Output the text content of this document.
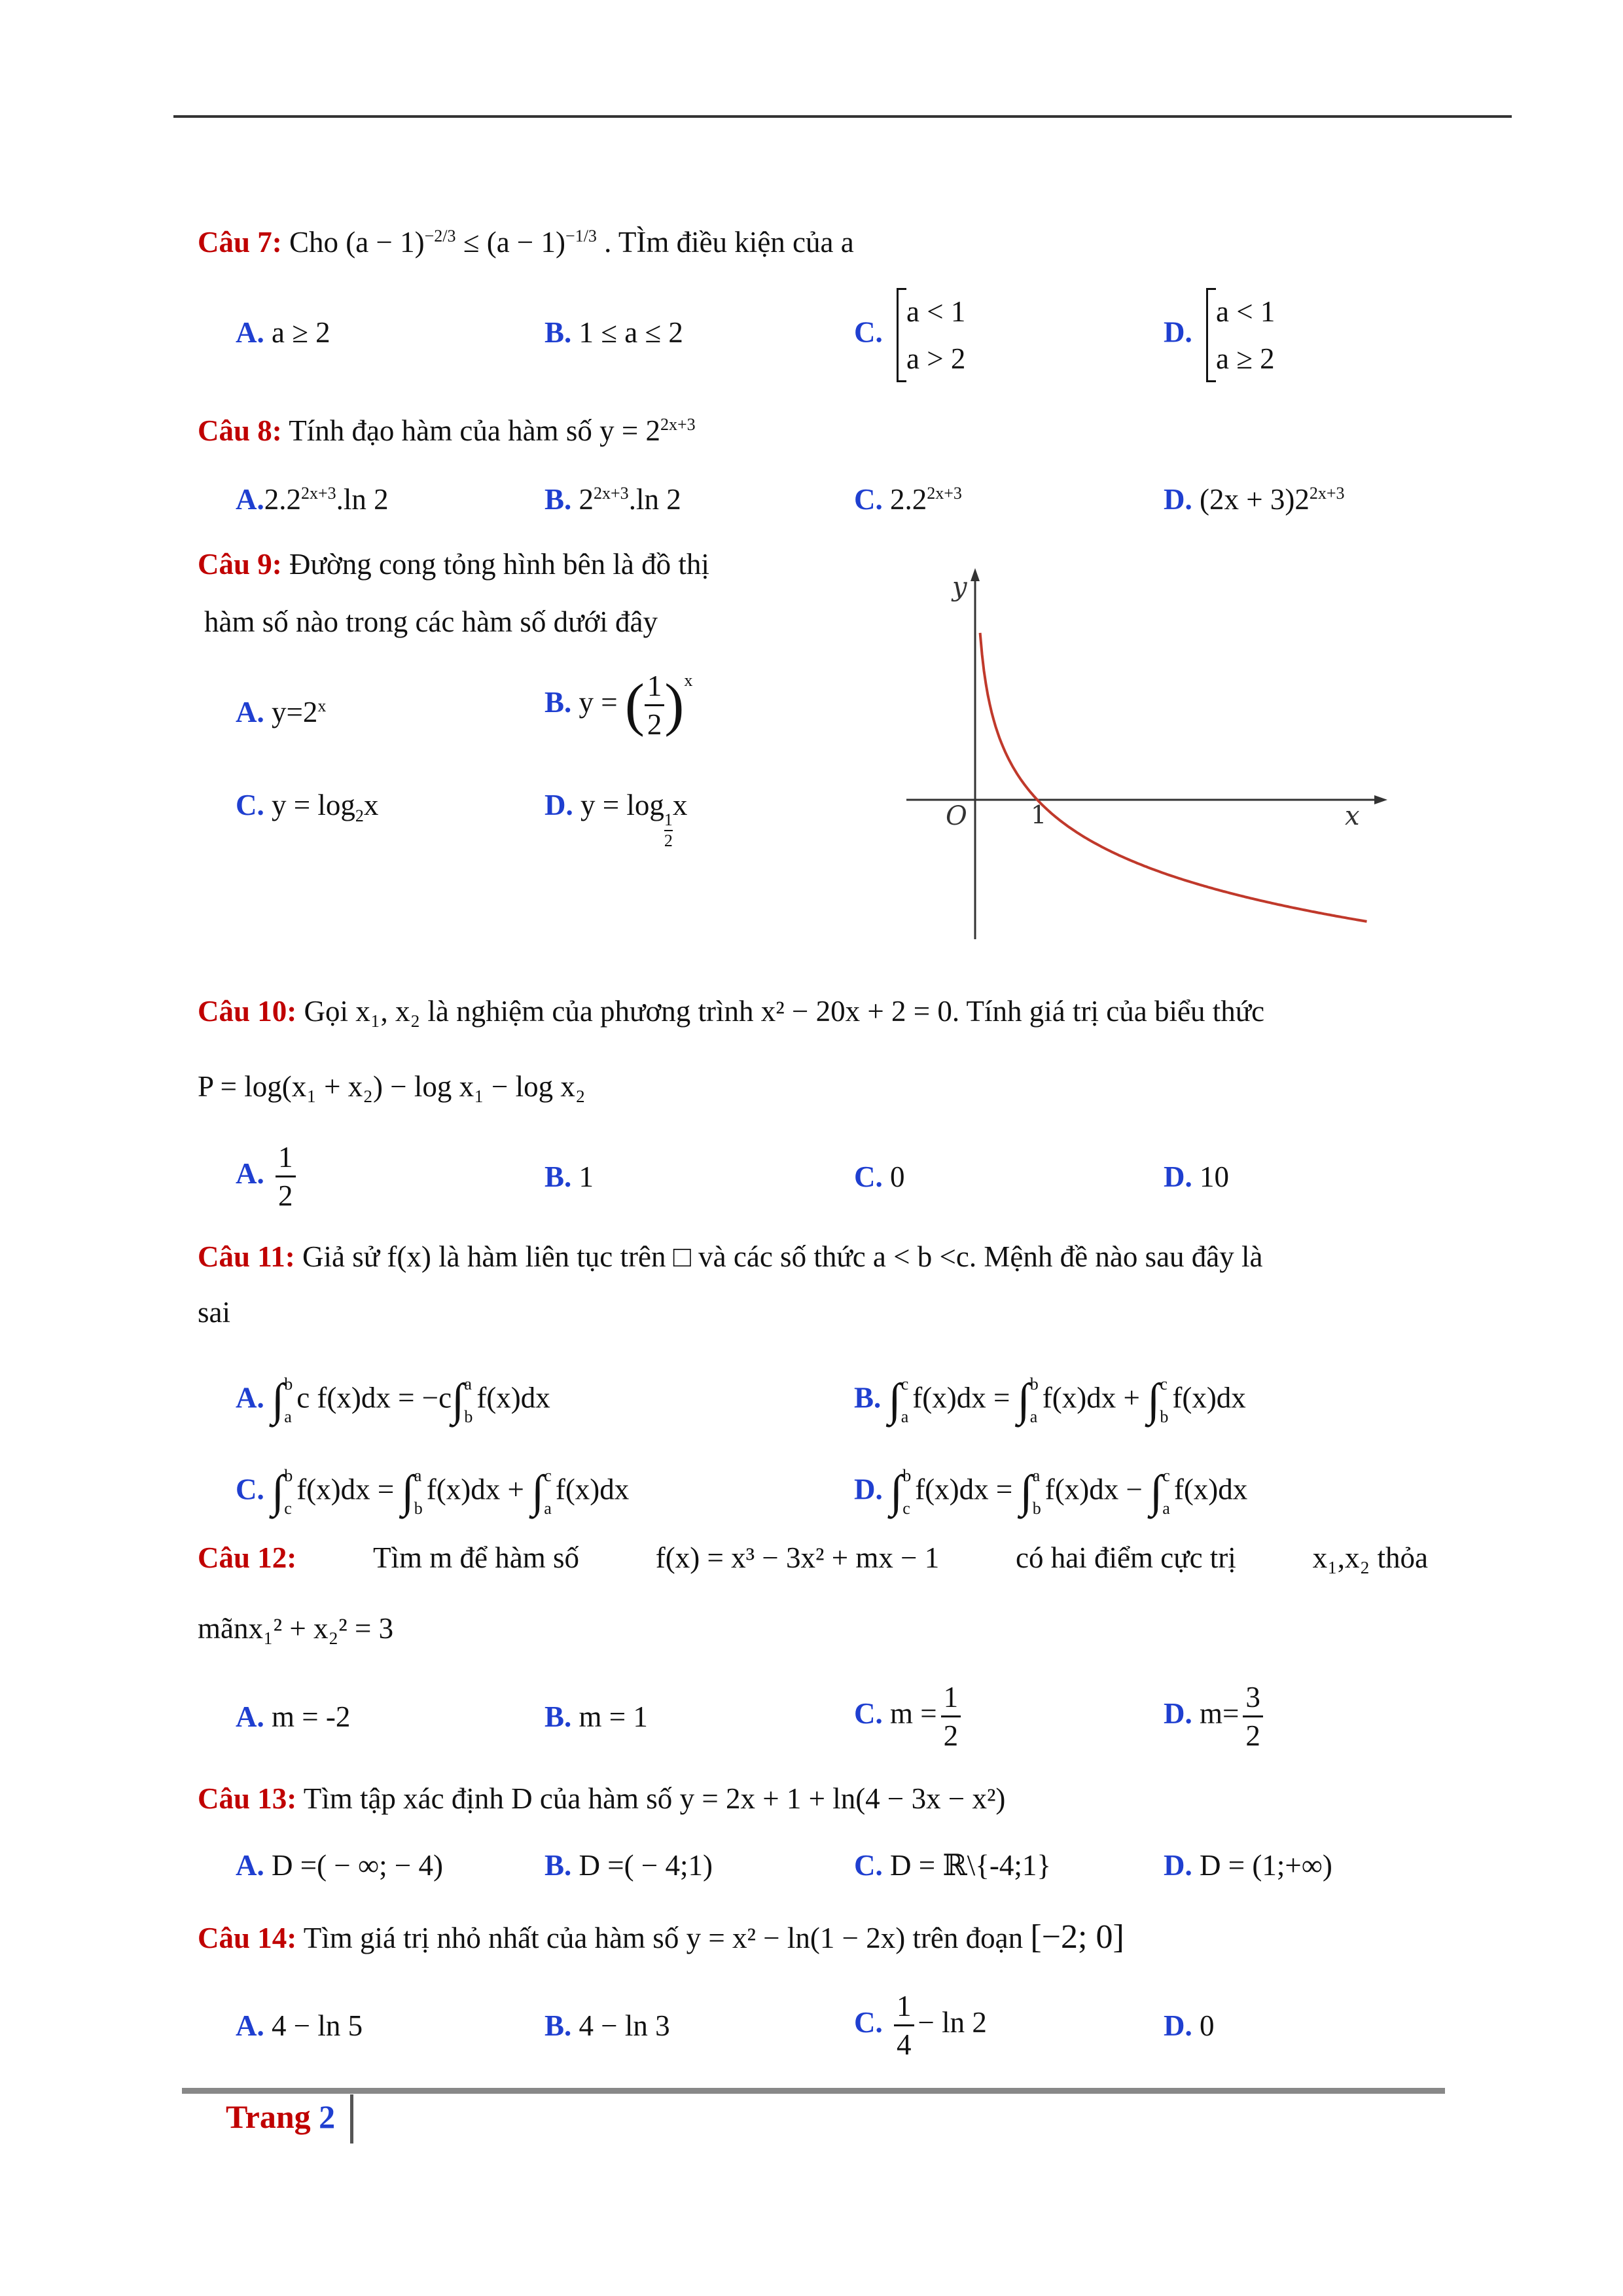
Câu 7: Cho $(a - 1)^{-2/3} \le (a - 1)^{-1/3}$ . TÌm điều kiện của a
A. a ≥ 2	B. 1 ≤ a ≤ 2	C.
a < 1
a > 2
D.
a < 1
a ≥ 2
Câu 8: Tính đạo hàm của hàm số $y = 2^{2x+3}$
$A.2.2^{2x+3}.\ln$ 2	B. $2^{2x+3}.\ln$ 2	C. $2.2^{2x+3}$	D. $(2x + 3)2^{2x+3}$
Câu 9: Đường cong tỏng hình bên là đồ thị
hàm số nào trong các hàm số dưới đây
A. $y=2^x$	B. y = ( $\frac{1}{2} )^x$
C. $y = \log_2x$	D. y = log
$\frac{1}{2}$
x
y
x
O	1
Câu 10: Gọi x₁, x₂ là nghiệm của phương trình x² − 20x + 2 = 0. Tính giá trị của biểu thức
P = log(x₁ + x₂) − log x₁ − log x₂
A. $\frac{1}{2}$	B. 1	C. 0	D. 10
Câu 11: Giả sử f(x) là hàm liên tục trên □ và các số thức a < b <c. Mệnh đề nào sau đây là
sai
A. ∫ b
a
c f(x)dx = −c∫ a
b
f(x)dx	B. ∫ c
a
f(x)dx = ∫ b
a
f(x)dx + ∫ c
b
f(x)dx
C. ∫ b
c
f(x)dx = ∫ a
b
f(x)dx + ∫ c
a
f(x)dx	D. ∫ b
c
f(x)dx = ∫ a
b
f(x)dx − ∫ c
a
f(x)dx
Câu 12:	Tìm m để hàm số	f(x) = x³ − 3x² + mx − 1	có hai điểm cực trị	x₁,x₂ thỏa
mãnx₁² + x₂² = 3
A. m = -2	B. m = 1	C. $m = \frac{1}{2}$	D. $m= \frac{3}{2}$
Câu 13: Tìm tập xác định D của hàm số y = 2x + 1 + ln(4 − 3x − x²)
A. D =( − ∞; − 4)	B. D =( − 4;1)	C. D = ℝ\{-4;1}	D. D = (1;+∞)
Câu 14: Tìm giá trị nhỏ nhất của hàm số y = x² − ln(1 − 2x) trên đoạn [−2; 0]
A. 4 − ln 5	B. 4 − ln 3	C. $\frac{1}{4} - \ln 2$	D. 0
Trang 2
